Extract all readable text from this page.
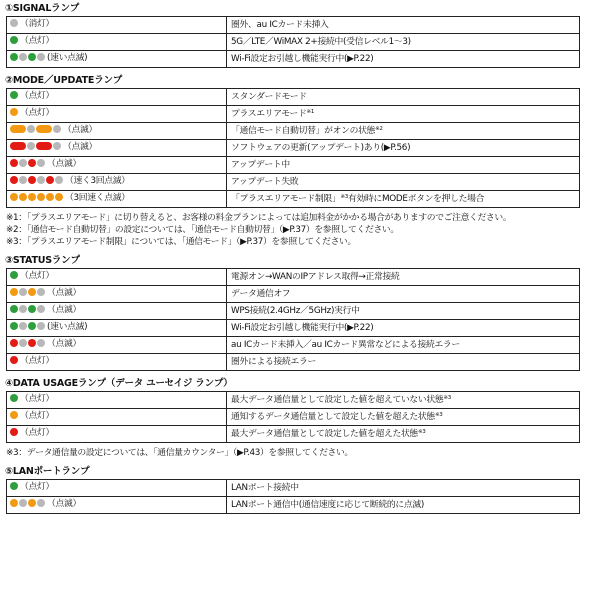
①SIGNALランプ
（消灯）	圏外、au ICカード未挿入
（点灯）	5G／LTE／WiMAX 2+接続中(受信レベル1～3)
(速い点滅)	Wi-Fi設定お引越し機能実行中(▶P.22)
②MODE／UPDATEランプ
（点灯）	スタンダードモード
（点灯）	プラスエリアモード$^{※1}$
（点滅）	「通信モード自動切替」がオンの状態$^{※2}$
（点滅）	ソフトウェアの更新(アップデート)あり(▶P.56)
（点滅）	アップデート中
（速く3回点滅）	アップデート失敗
（3回速く点滅）	「プラスエリアモード制限」$^{※3}$有効時にMODEボタンを押した場合
※1：「プラスエリアモード」に切り替えると、お客様の料金プランによっては追加料金がかかる場合がありますのでご注意ください。
※2：「通信モード自動切替」の設定については、「通信モード自動切替」（▶P.37）を参照してください。
※3：「プラスエリアモード制限」については、「通信モード」（▶P.37）を参照してください。
③STATUSランプ
（点灯）	電源オン→WANのIPアドレス取得→正常接続
（点滅）	データ通信オフ
（点滅）	WPS接続(2.4GHz／5GHz)実行中
(速い点滅)	Wi-Fi設定お引越し機能実行中(▶P.22)
（点滅）	au ICカード未挿入／au ICカード異常などによる接続エラー
（点灯）	圏外による接続エラー
④DATA USAGEランプ（データ ユーセイジ ランプ）
（点灯）	最大データ通信量として設定した値を超えていない状態$^{※3}$
（点灯）	通知するデータ通信量として設定した値を超えた状態$^{※3}$
（点灯）	最大データ通信量として設定した値を超えた状態$^{※3}$
※3：データ通信量の設定については、「通信量カウンター」（▶P.43）を参照してください。
⑤LANポートランプ
（点灯）	LANポート接続中
（点滅）	LANポート通信中(通信速度に応じて断続的に点滅)
